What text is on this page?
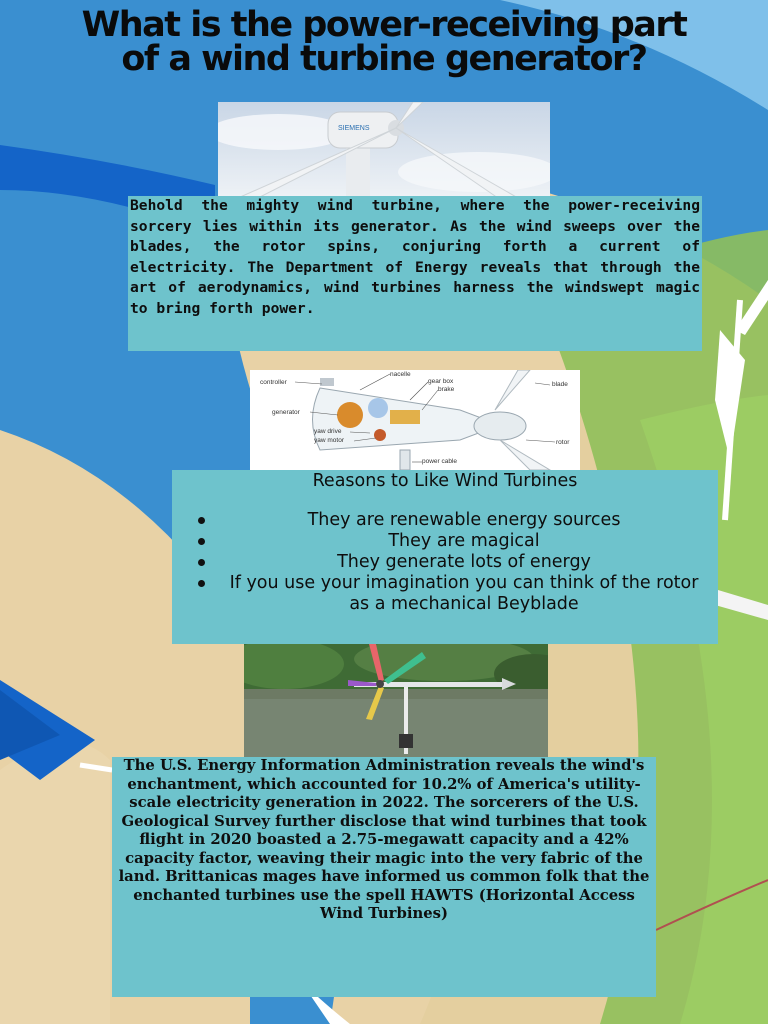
What is the power-receiving part of a wind turbine generator?
SIEMENS
Behold the mighty wind turbine, where the power-receiving sorcery lies within its generator. As the wind sweeps over the blades, the rotor spins, conjuring forth a current of electricity. The Department of Energy reveals that through the art of aerodynamics, wind turbines harness the windswept magic to bring forth power.
controller
nacelle
gear box
brake
blade
generator
yaw drive
yaw motor	rotor
power cable
Reasons to Like Wind Turbines
They are renewable energy sources
They are magical
They generate lots of energy
If you use your imagination you can think of the rotor as a mechanical Beyblade
The U.S. Energy Information Administration reveals the wind's enchantment, which accounted for 10.2% of America's utility-scale electricity generation in 2022. The sorcerers of the U.S. Geological Survey further disclose that wind turbines that took flight in 2020 boasted a 2.75-megawatt capacity and a 42% capacity factor, weaving their magic into the very fabric of the land. Brittanicas mages have informed us common folk that the enchanted turbines use the spell HAWTS (Horizontal Access Wind Turbines)
